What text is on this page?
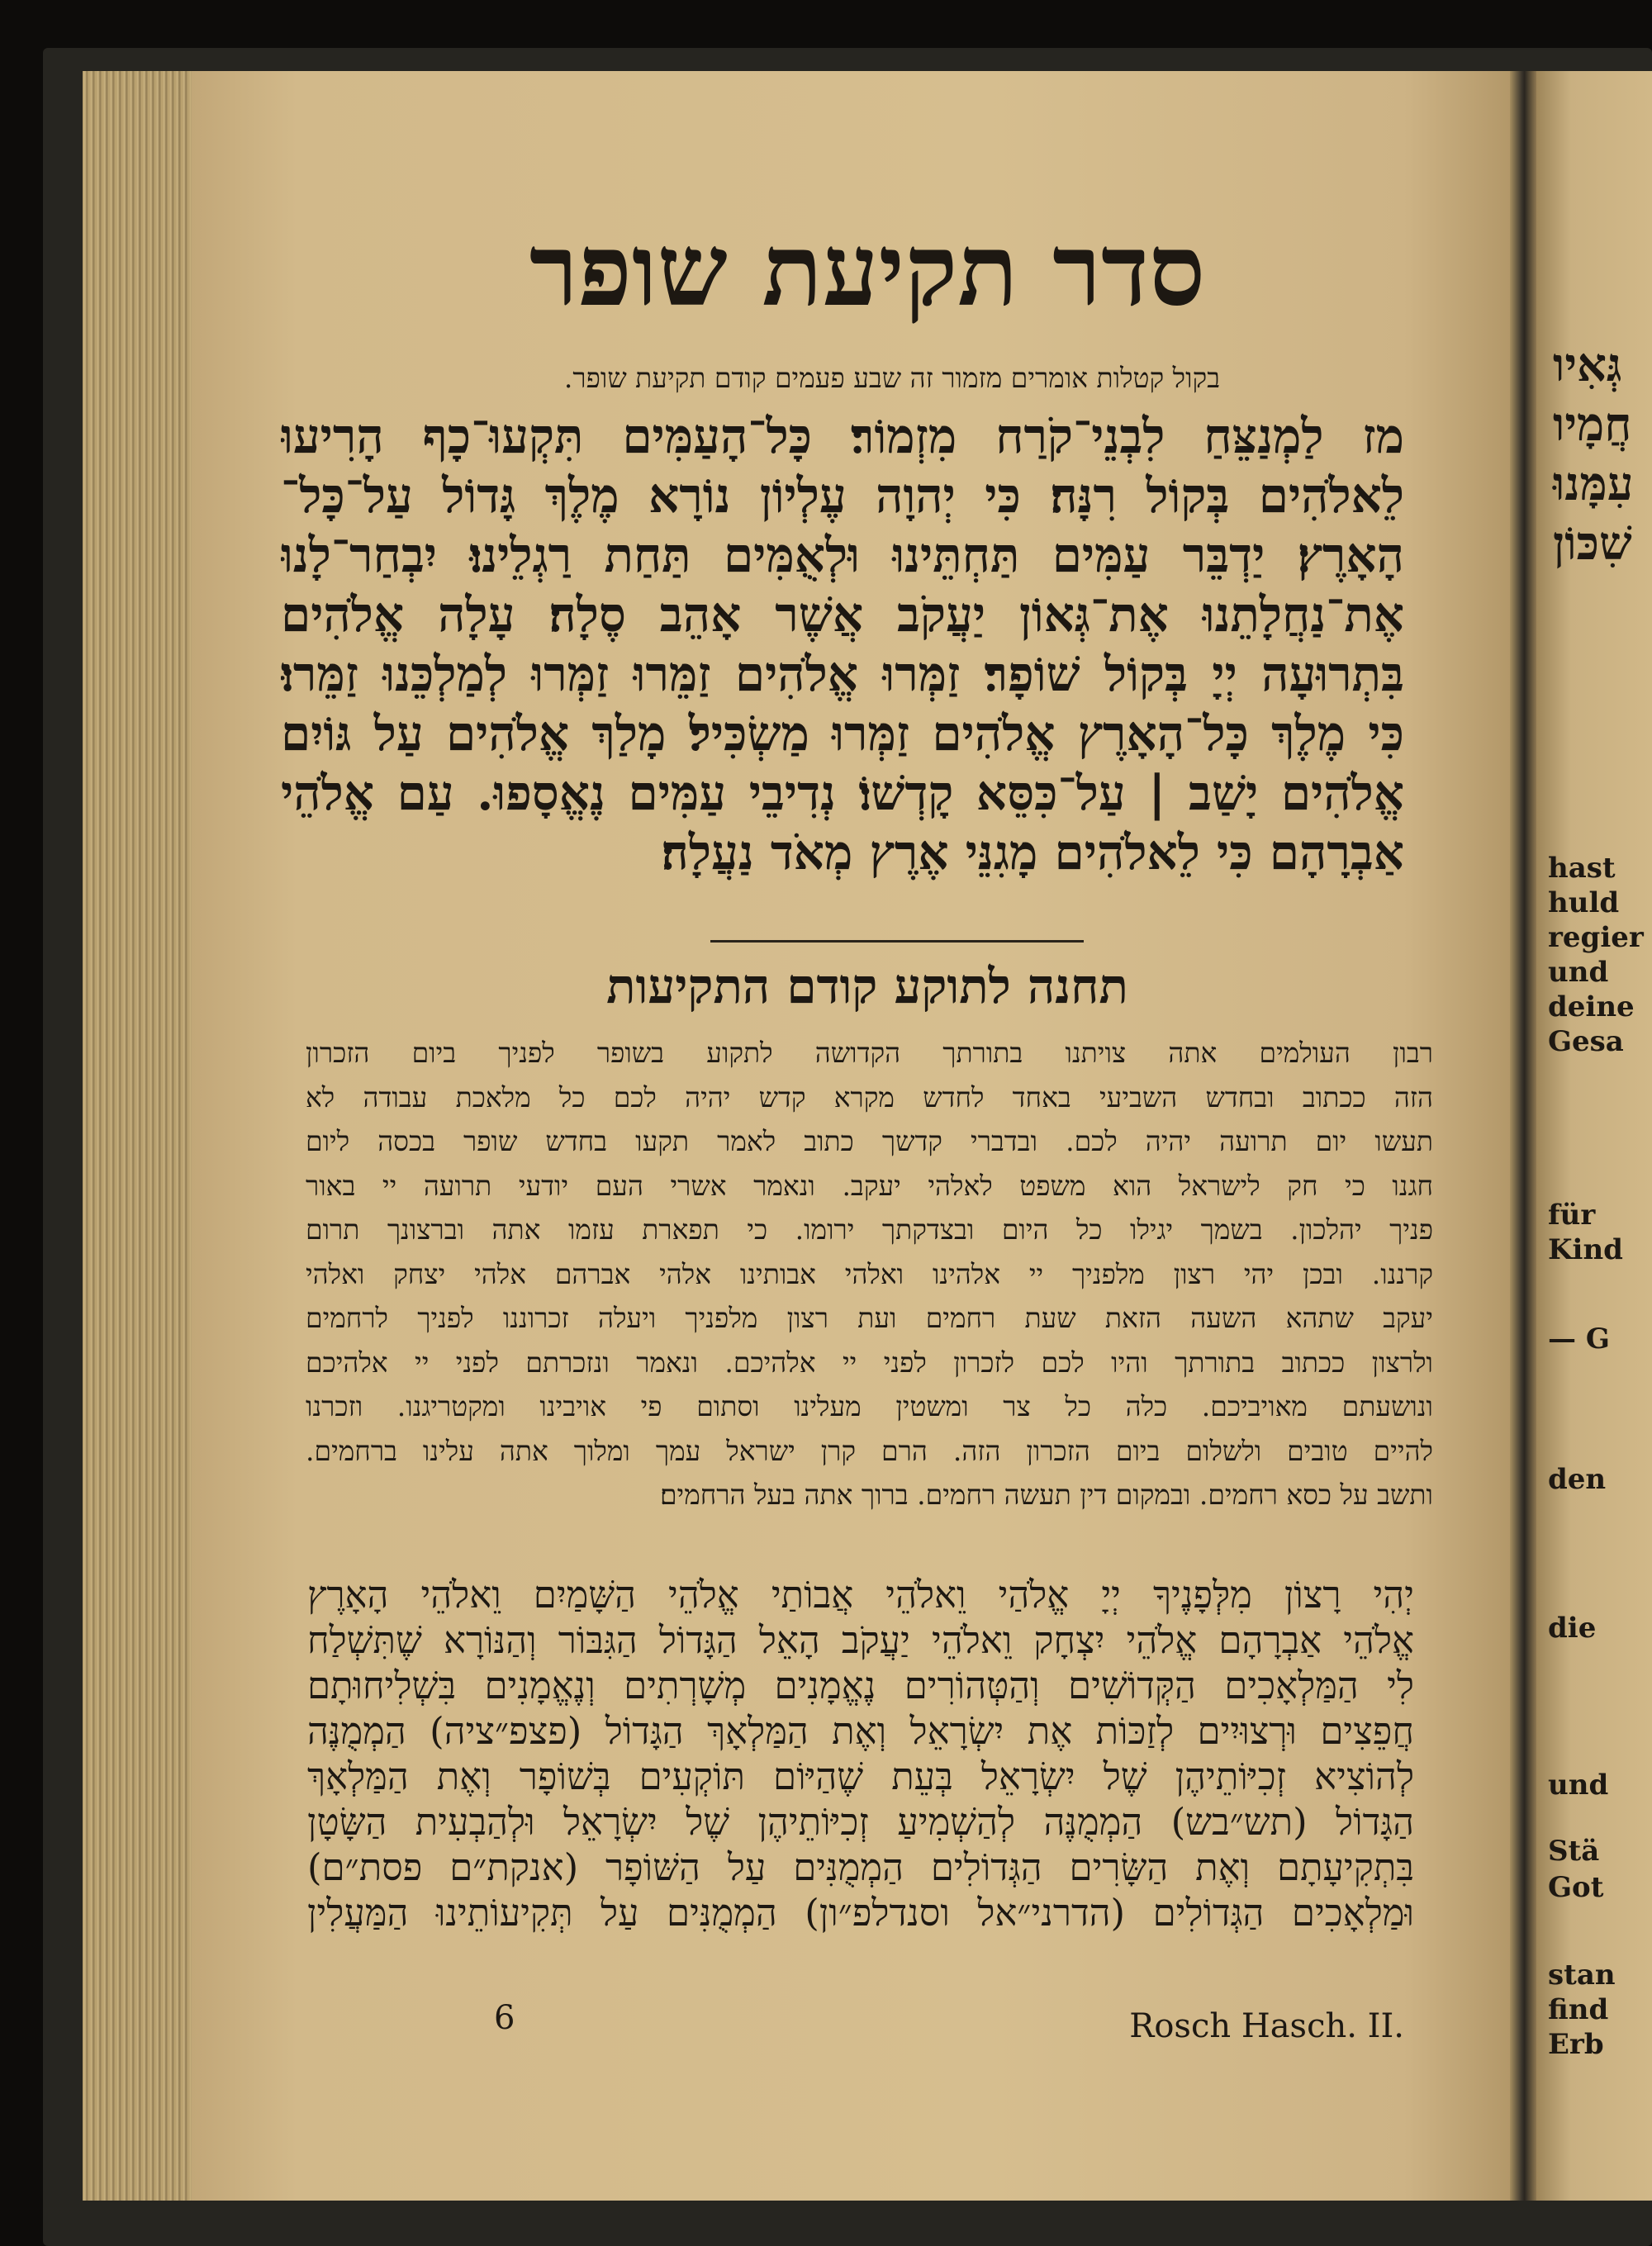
סדר תקיעת שופר
בקול קטלות אומרים מזמור זה שבע פעמים קודם תקיעת שופר.
מז לַמְנַצֵּחַ לִבְנֵי־קֹרַח מִזְמוֹר׃ כָּל־הָעַמִּים תִּקְעוּ־כָף הָרִיעוּ
לֵאלֹהִים בְּקוֹל רִנָּה׃ כִּי יְהוָה עֶלְיוֹן נוֹרָא מֶלֶךְ גָּדוֹל עַל־כָּל־
הָאָרֶץ׃ יַדְבֵּר עַמִּים תַּחְתֵּינוּ וּלְאֻמִּים תַּחַת רַגְלֵינוּ׃ יִבְחַר־לָנוּ
אֶת־נַחֲלָתֵנוּ אֶת־גְּאוֹן יַעֲקֹב אֲשֶׁר אָהֵב סֶלָה׃ עָלָה אֱלֹהִים
בִּתְרוּעָה יְיָ בְּקוֹל שׁוֹפָר׃ זַמְּרוּ אֱלֹהִים זַמֵּרוּ זַמְּרוּ לְמַלְכֵּנוּ זַמֵּרוּ׃
כִּי מֶלֶךְ כָּל־הָאָרֶץ אֱלֹהִים זַמְּרוּ מַשְׂכִּיל׃ מָלַךְ אֱלֹהִים עַל גּוֹיִם
אֱלֹהִים יָשַׁב | עַל־כִּסֵּא קָדְשׁוֹ׃ נְדִיבֵי עַמִּים נֶאֱסָפוּ. עַם אֱלֹהֵי
אַבְרָהָם כִּי לֵאלֹהִים מָגִנֵּי אֶרֶץ מְאֹד נַעֲלָה׃
תחנה לתוקע קודם התקיעות
רבון העולמים אתה צויתנו בתורתך הקדושה לתקוע בשופר לפניך ביום הזכרון
הזה ככתוב ובחדש השביעי באחד לחדש מקרא קדש יהיה לכם כל מלאכת עבודה לא
תעשו יום תרועה יהיה לכם. ובדברי קדשך כתוב לאמר תקעו בחדש שופר בכסה ליום
חגנו כי חק לישראל הוא משפט לאלהי יעקב. ונאמר אשרי העם יודעי תרועה יי באור
פניך יהלכון. בשמך יגילו כל היום ובצדקתך ירומו. כי תפארת עזמו אתה וברצונך תרום
קרננו. ובכן יהי רצון מלפניך יי אלהינו ואלהי אבותינו אלהי אברהם אלהי יצחק ואלהי
יעקב שתהא השעה הזאת שעת רחמים ועת רצון מלפניך ויעלה זכרוננו לפניך לרחמים
ולרצון ככתוב בתורתך והיו לכם לזכרון לפני יי אלהיכם. ונאמר ונזכרתם לפני יי אלהיכם
ונושעתם מאויביכם. כלה כל צר ומשטין מעלינו וסתום פי אויבינו ומקטריגנו. וזכרנו
להיים טובים ולשלום ביום הזכרון הזה. הרם קרן ישראל עמך ומלוך אתה עלינו ברחמים.
ותשב על כסא רחמים. ובמקום דין תעשה רחמים. ברוך אתה בעל הרחמים׃
יְהִי רָצוֹן מִלְּפָנֶיךָ יְיָ אֱלֹהַי וֵאלֹהֵי אֲבוֹתַי אֱלֹהֵי הַשָּׁמַיִם וֵאלֹהֵי הָאָרֶץ
אֱלֹהֵי אַבְרָהָם אֱלֹהֵי יִצְחָק וֵאלֹהֵי יַעֲקֹב הָאֵל הַגָּדוֹל הַגִּבּוֹר וְהַנּוֹרָא שֶׁתִּשְׁלַח
לִי הַמַּלְאָכִים הַקְּדוֹשִׁים וְהַטְּהוֹרִים נֶאֱמָנִים מְשָׁרְתִים וְנֶאֱמָנִים בִּשְׁלִיחוּתָם
חֲפֵצִים וּרְצוּיִים לְזַכּוֹת אֶת יִשְׂרָאֵל וְאֶת הַמַּלְאָךְ הַגָּדוֹל (פצפ״ציה) הַמְמֻנֶּה
לְהוֹצִיא זְכִיּוֹתֵיהֶן שֶׁל יִשְׂרָאֵל בְּעֵת שֶׁהַיּוֹם תּוֹקְעִים בְּשׁוֹפָר וְאֶת הַמַּלְאָךְ
הַגָּדוֹל (תש״בש) הַמְמֻנֶּה לְהַשְׁמִיעַ זְכִיּוֹתֵיהֶן שֶׁל יִשְׂרָאֵל וּלְהַבְעִית הַשָּׂטָן
בִּתְקִיעָתָם וְאֶת הַשָּׂרִים הַגְּדוֹלִים הַמְמֻנִּים עַל הַשּׁוֹפָר (אנקת״ם פסת״ם)
וּמַלְאָכִים הַגְּדוֹלִים (הדרני״אל וסנדלפ״ון) הַמְמֻנִּים עַל תְּקִיעוֹתֵינוּ הַמַּעֲלִין
6	Rosch Hasch. II.
גְּאִיו
חֲמָיו
עִמָּנוּ
שִׁכּוֹן
hast
huld
regier
und
deine
Gesa
für
Kind
— G
den
die
und
Stä
Got
stan
find
Erb
